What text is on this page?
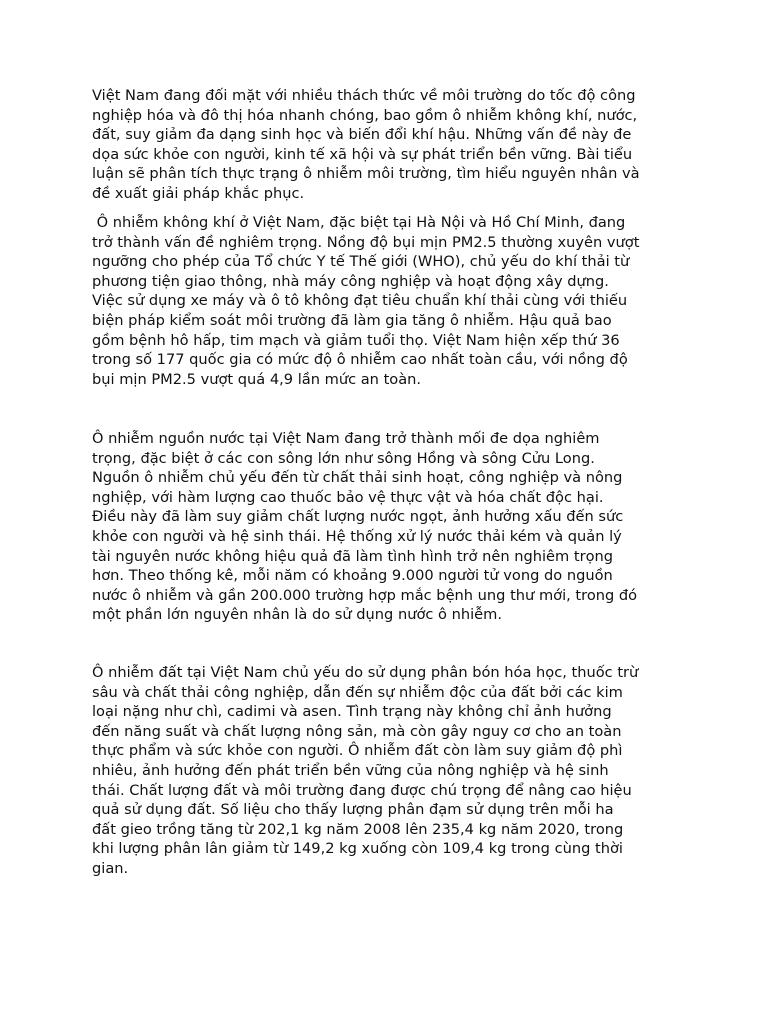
Việt Nam đang đối mặt với nhiều thách thức về môi trường do tốc độ công
nghiệp hóa và đô thị hóa nhanh chóng, bao gồm ô nhiễm không khí, nước,
đất, suy giảm đa dạng sinh học và biến đổi khí hậu. Những vấn đề này đe
dọa sức khỏe con người, kinh tế xã hội và sự phát triển bền vững. Bài tiểu
luận sẽ phân tích thực trạng ô nhiễm môi trường, tìm hiểu nguyên nhân và
đề xuất giải pháp khắc phục.

Ô nhiễm không khí ở Việt Nam, đặc biệt tại Hà Nội và Hồ Chí Minh, đang
trở thành vấn đề nghiêm trọng. Nồng độ bụi mịn PM2.5 thường xuyên vượt
ngưỡng cho phép của Tổ chức Y tế Thế giới (WHO), chủ yếu do khí thải từ
phương tiện giao thông, nhà máy công nghiệp và hoạt động xây dựng.
Việc sử dụng xe máy và ô tô không đạt tiêu chuẩn khí thải cùng với thiếu
biện pháp kiểm soát môi trường đã làm gia tăng ô nhiễm. Hậu quả bao
gồm bệnh hô hấp, tim mạch và giảm tuổi thọ. Việt Nam hiện xếp thứ 36
trong số 177 quốc gia có mức độ ô nhiễm cao nhất toàn cầu, với nồng độ
bụi mịn PM2.5 vượt quá 4,9 lần mức an toàn.

Ô nhiễm nguồn nước tại Việt Nam đang trở thành mối đe dọa nghiêm
trọng, đặc biệt ở các con sông lớn như sông Hồng và sông Cửu Long.
Nguồn ô nhiễm chủ yếu đến từ chất thải sinh hoạt, công nghiệp và nông
nghiệp, với hàm lượng cao thuốc bảo vệ thực vật và hóa chất độc hại.
Điều này đã làm suy giảm chất lượng nước ngọt, ảnh hưởng xấu đến sức
khỏe con người và hệ sinh thái. Hệ thống xử lý nước thải kém và quản lý
tài nguyên nước không hiệu quả đã làm tình hình trở nên nghiêm trọng
hơn. Theo thống kê, mỗi năm có khoảng 9.000 người tử vong do nguồn
nước ô nhiễm và gần 200.000 trường hợp mắc bệnh ung thư mới, trong đó
một phần lớn nguyên nhân là do sử dụng nước ô nhiễm.

Ô nhiễm đất tại Việt Nam chủ yếu do sử dụng phân bón hóa học, thuốc trừ
sâu và chất thải công nghiệp, dẫn đến sự nhiễm độc của đất bởi các kim
loại nặng như chì, cadimi và asen. Tình trạng này không chỉ ảnh hưởng
đến năng suất và chất lượng nông sản, mà còn gây nguy cơ cho an toàn
thực phẩm và sức khỏe con người. Ô nhiễm đất còn làm suy giảm độ phì
nhiêu, ảnh hưởng đến phát triển bền vững của nông nghiệp và hệ sinh
thái. Chất lượng đất và môi trường đang được chú trọng để nâng cao hiệu
quả sử dụng đất. Số liệu cho thấy lượng phân đạm sử dụng trên mỗi ha
đất gieo trồng tăng từ 202,1 kg năm 2008 lên 235,4 kg năm 2020, trong
khi lượng phân lân giảm từ 149,2 kg xuống còn 109,4 kg trong cùng thời
gian.
